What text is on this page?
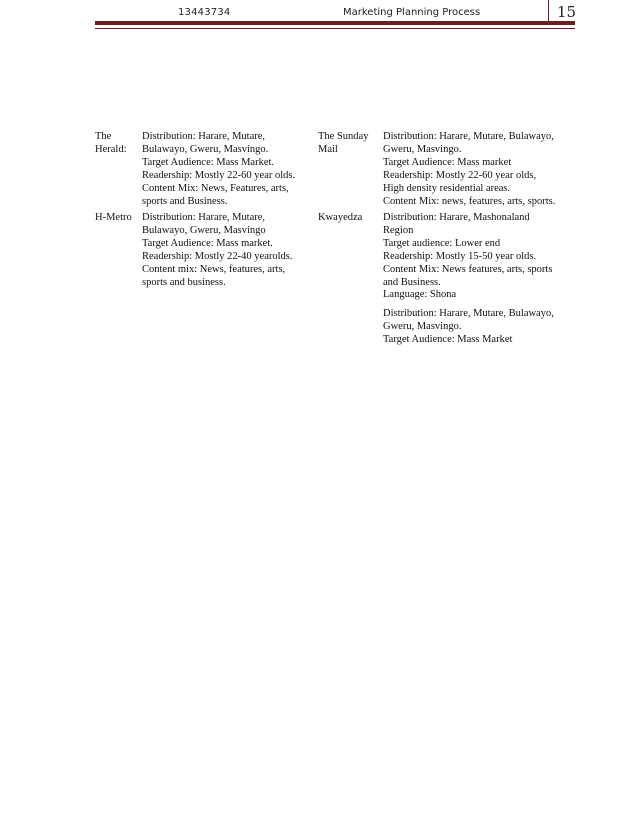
13443734	Marketing Planning Process	15
The
Herald:
Distribution: Harare, Mutare,
Bulawayo, Gweru, Masvingo.
Target Audience: Mass Market.
Readership: Mostly 22-60 year olds.
Content Mix: News, Features, arts,
sports and Business.
The Sunday
Mail
Distribution: Harare, Mutare, Bulawayo,
Gweru, Masvingo.
Target Audience: Mass market
Readership: Mostly 22-60 year olds,
High density residential areas.
Content Mix: news, features, arts, sports.
H-Metro Distribution: Harare, Mutare,
Bulawayo, Gweru, Masvingo
Target Audience: Mass market.
Readership: Mostly 22-40 yearolds.
Content mix: News, features, arts,
sports and business.
Kwayedza Distribution: Harare, Mashonaland
Region
Target audience: Lower end
Readership: Mostly 15-50 year olds.
Content Mix: News features, arts, sports
and Business.
Language: Shona
Distribution: Harare, Mutare, Bulawayo,
Gweru, Masvingo.
Target Audience: Mass Market
